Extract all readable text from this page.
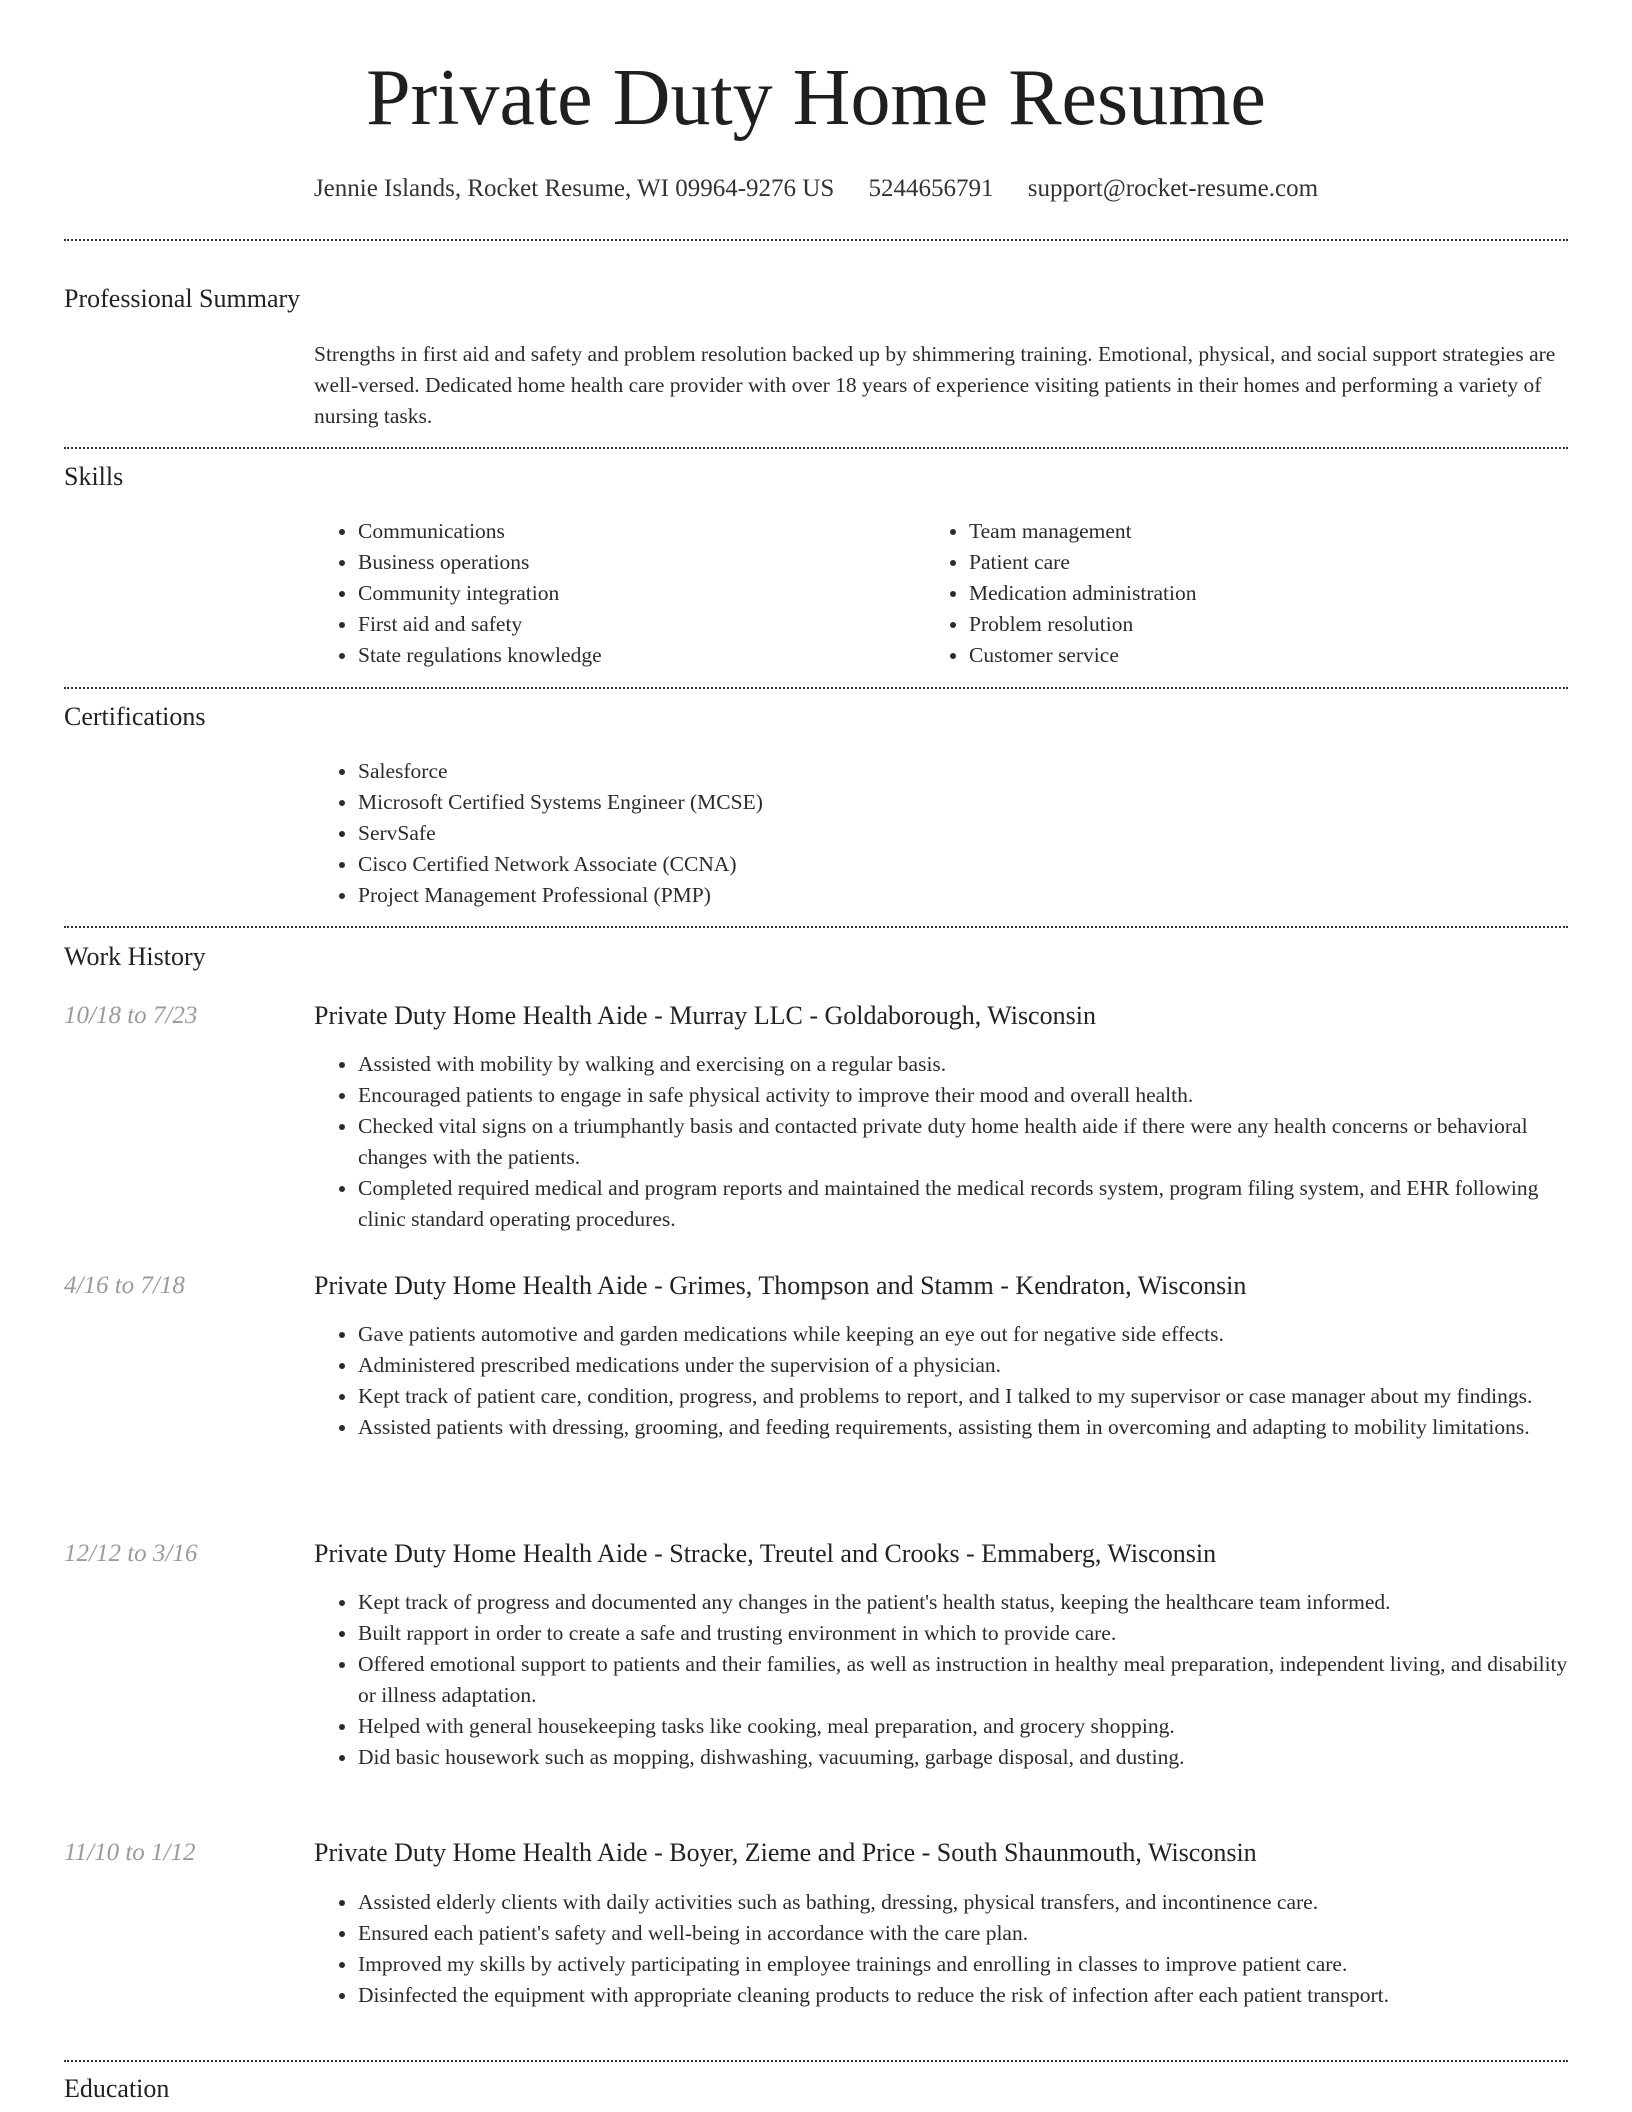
Private Duty Home Resume
Jennie Islands, Rocket Resume, WI 09964-9276 US 5244656791 support@rocket-resume.com
Professional Summary
Strengths in first aid and safety and problem resolution backed up by shimmering training. Emotional, physical, and social support strategies are well-versed. Dedicated home health care provider with over 18 years of experience visiting patients in their homes and performing a variety of nursing tasks.
Skills
• Communications
• Business operations
• Community integration
• First aid and safety
• State regulations knowledge
• Team management
• Patient care
• Medication administration
• Problem resolution
• Customer service
Certifications
• Salesforce
• Microsoft Certified Systems Engineer (MCSE)
• ServSafe
• Cisco Certified Network Associate (CCNA)
• Project Management Professional (PMP)
Work History
10/18 to 7/23	Private Duty Home Health Aide - Murray LLC - Goldaborough, Wisconsin
• Assisted with mobility by walking and exercising on a regular basis.
• Encouraged patients to engage in safe physical activity to improve their mood and overall health.
• Checked vital signs on a triumphantly basis and contacted private duty home health aide if there were any health concerns or behavioral changes with the patients.
• Completed required medical and program reports and maintained the medical records system, program filing system, and EHR following clinic standard operating procedures.
4/16 to 7/18	Private Duty Home Health Aide - Grimes, Thompson and Stamm - Kendraton, Wisconsin
• Gave patients automotive and garden medications while keeping an eye out for negative side effects.
• Administered prescribed medications under the supervision of a physician.
• Kept track of patient care, condition, progress, and problems to report, and I talked to my supervisor or case manager about my findings.
• Assisted patients with dressing, grooming, and feeding requirements, assisting them in overcoming and adapting to mobility limitations.
12/12 to 3/16	Private Duty Home Health Aide - Stracke, Treutel and Crooks - Emmaberg, Wisconsin
• Kept track of progress and documented any changes in the patient's health status, keeping the healthcare team informed.
• Built rapport in order to create a safe and trusting environment in which to provide care.
• Offered emotional support to patients and their families, as well as instruction in healthy meal preparation, independent living, and disability or illness adaptation.
• Helped with general housekeeping tasks like cooking, meal preparation, and grocery shopping.
• Did basic housework such as mopping, dishwashing, vacuuming, garbage disposal, and dusting.
11/10 to 1/12	Private Duty Home Health Aide - Boyer, Zieme and Price - South Shaunmouth, Wisconsin
• Assisted elderly clients with daily activities such as bathing, dressing, physical transfers, and incontinence care.
• Ensured each patient's safety and well-being in accordance with the care plan.
• Improved my skills by actively participating in employee trainings and enrolling in classes to improve patient care.
• Disinfected the equipment with appropriate cleaning products to reduce the risk of infection after each patient transport.
Education
